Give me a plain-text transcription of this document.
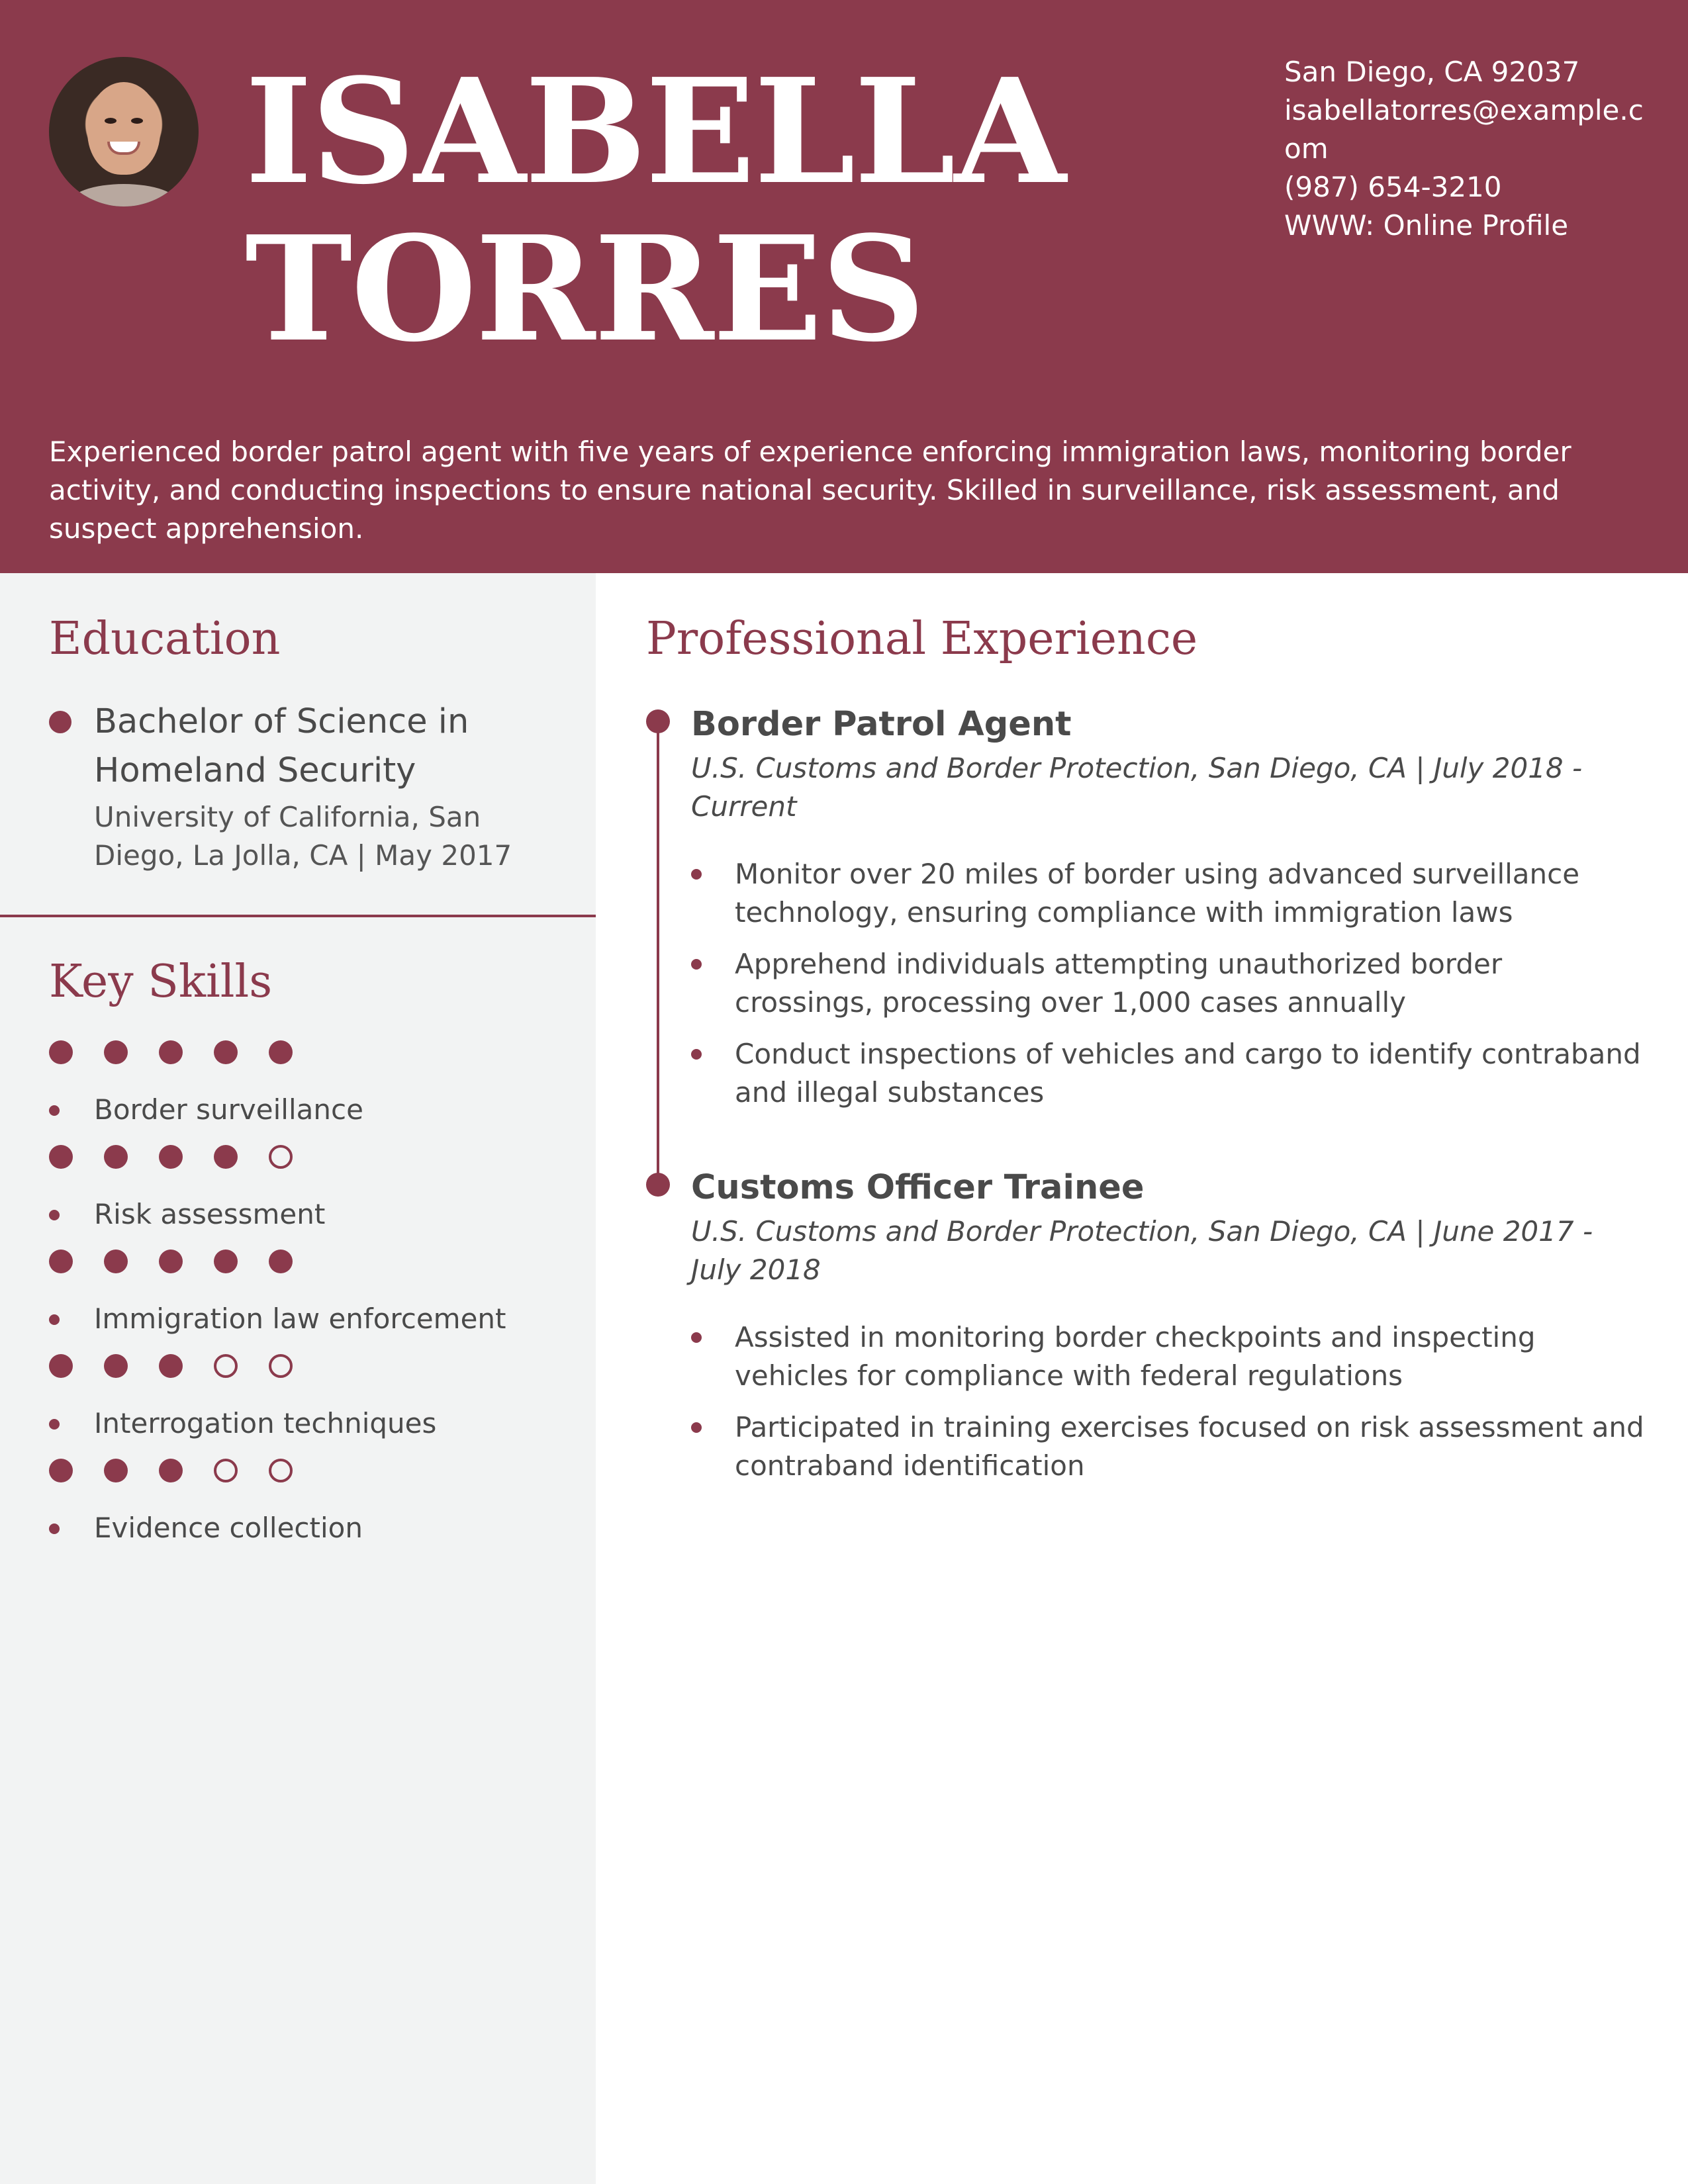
ISABELLA
TORRES
San Diego, CA 92037
isabellatorres@example.com
(987) 654-3210
WWW: Online Profile
Experienced border patrol agent with five years of experience enforcing immigration laws, monitoring border activity, and conducting inspections to ensure national security. Skilled in surveillance, risk assessment, and suspect apprehension.
Education
Bachelor of Science in Homeland Security
University of California, San Diego, La Jolla, CA | May 2017
Key Skills
Border surveillance
Risk assessment
Immigration law enforcement
Interrogation techniques
Evidence collection
Professional Experience
Border Patrol Agent
U.S. Customs and Border Protection, San Diego, CA | July 2018 - Current
Monitor over 20 miles of border using advanced surveillance technology, ensuring compliance with immigration laws
Apprehend individuals attempting unauthorized border crossings, processing over 1,000 cases annually
Conduct inspections of vehicles and cargo to identify contraband and illegal substances
Customs Officer Trainee
U.S. Customs and Border Protection, San Diego, CA | June 2017 - July 2018
Assisted in monitoring border checkpoints and inspecting vehicles for compliance with federal regulations
Participated in training exercises focused on risk assessment and contraband identification
